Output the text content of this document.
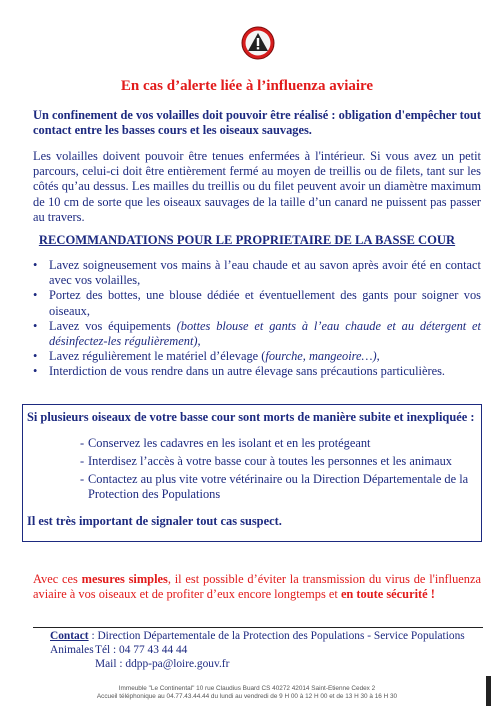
En cas d’alerte liée à l’influenza aviaire
Un confinement de vos volailles doit pouvoir être réalisé : obligation d'empêcher tout contact entre les basses cours et les oiseaux sauvages.
Les volailles doivent pouvoir être tenues enfermées à l'intérieur. Si vous avez un petit parcours, celui-ci doit être entièrement fermé au moyen de treillis ou de filets, tant sur les côtés qu’au dessus. Les mailles du treillis ou du filet peuvent avoir un diamètre maximum de 10 cm de sorte que les oiseaux sauvages de la taille d’un canard ne puissent pas passer au travers.
RECOMMANDATIONS POUR LE PROPRIETAIRE DE LA BASSE COUR
• Lavez soigneusement vos mains à l’eau chaude et au savon après avoir été en contact avec vos volailles,
• Portez des bottes, une blouse dédiée et éventuellement des gants pour soigner vos oiseaux,
• Lavez vos équipements (bottes blouse et gants à l’eau chaude et au détergent et désinfectez-les régulièrement),
• Lavez régulièrement le matériel d’élevage (fourche, mangeoire…),
• Interdiction de vous rendre dans un autre élevage sans précautions particulières.
Si plusieurs oiseaux de votre basse cour sont morts de manière subite et inexpliquée :
- Conservez les cadavres en les isolant et en les protégeant
- Interdisez l’accès à votre basse cour à toutes les personnes et les animaux
- Contactez au plus vite votre vétérinaire ou la Direction Départementale de la Protection des Populations
Il est très important de signaler tout cas suspect.
Avec ces mesures simples, il est possible d’éviter la transmission du virus de l'influenza aviaire à vos oiseaux et de profiter d’eux encore longtemps et en toute sécurité !
Contact : Direction Départementale de la Protection des Populations - Service Populations Animales Tél : 04 77 43 44 44
Mail : ddpp-pa@loire.gouv.fr
Immeuble "Le Continental" 10 rue Claudius Buard CS 40272 42014 Saint-Etienne Cedex 2
Accueil téléphonique au 04.77.43.44.44 du lundi au vendredi de 9 H 00 à 12 H 00 et de 13 H 30 à 16 H 30
